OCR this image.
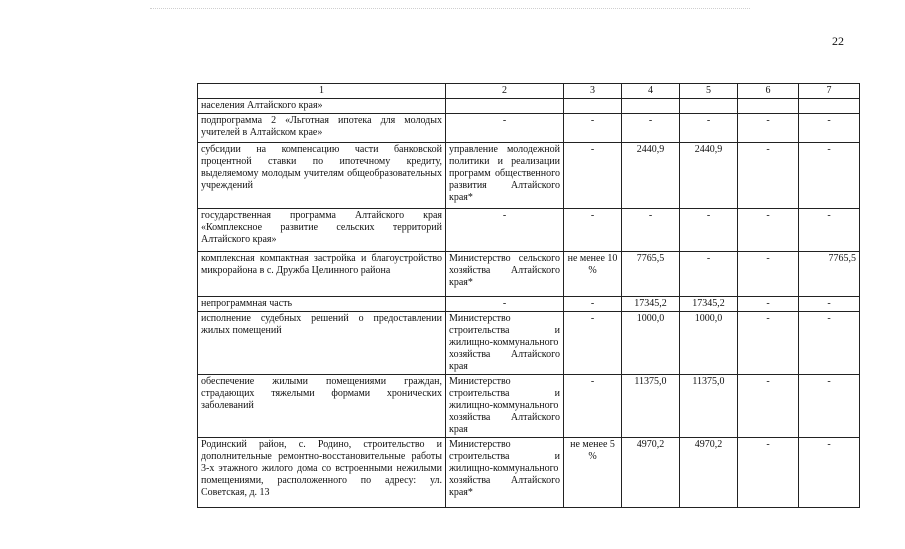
22
1	2	3	4	5	6	7
населения Алтайского края»						
подпрограмма 2 «Льготная ипотека для молодых учителей в Алтайском крае»	-	-	-	-	-	-
субсидии на компенсацию части банковской процентной ставки по ипотечному кредиту, выделяемому молодым учителям общеобразовательных учреждений	управление молодежной политики и реализации программ общественного развития Алтайского края*	-	2440,9	2440,9	-	-
государственная программа Алтайского края «Комплексное развитие сельских территорий Алтайского края»	-	-	-	-	-	-
комплексная компактная застройка и благоустройство микрорайона в с. Дружба Целинного района	Министерство сельского хозяйства Алтайского края*	не менее 10 %	7765,5	-	-	7765,5
непрограммная часть	-	-	17345,2	17345,2	-	-
исполнение судебных решений о предоставлении жилых помещений	Министерство строительства и жилищно-коммунального хозяйства Алтайского края	-	1000,0	1000,0	-	-
обеспечение жилыми помещениями граждан, страдающих тяжелыми формами хронических заболеваний	Министерство строительства и жилищно-коммунального хозяйства Алтайского края	-	11375,0	11375,0	-	-
Родинский район, с. Родино, строительство и дополнительные ремонтно-восстановительные работы 3-х этажного жилого дома со встроенными нежилыми помещениями, расположенного по адресу: ул. Советская, д. 13	Министерство строительства и жилищно-коммунального хозяйства Алтайского края*	не менее 5 %	4970,2	4970,2	-	-
